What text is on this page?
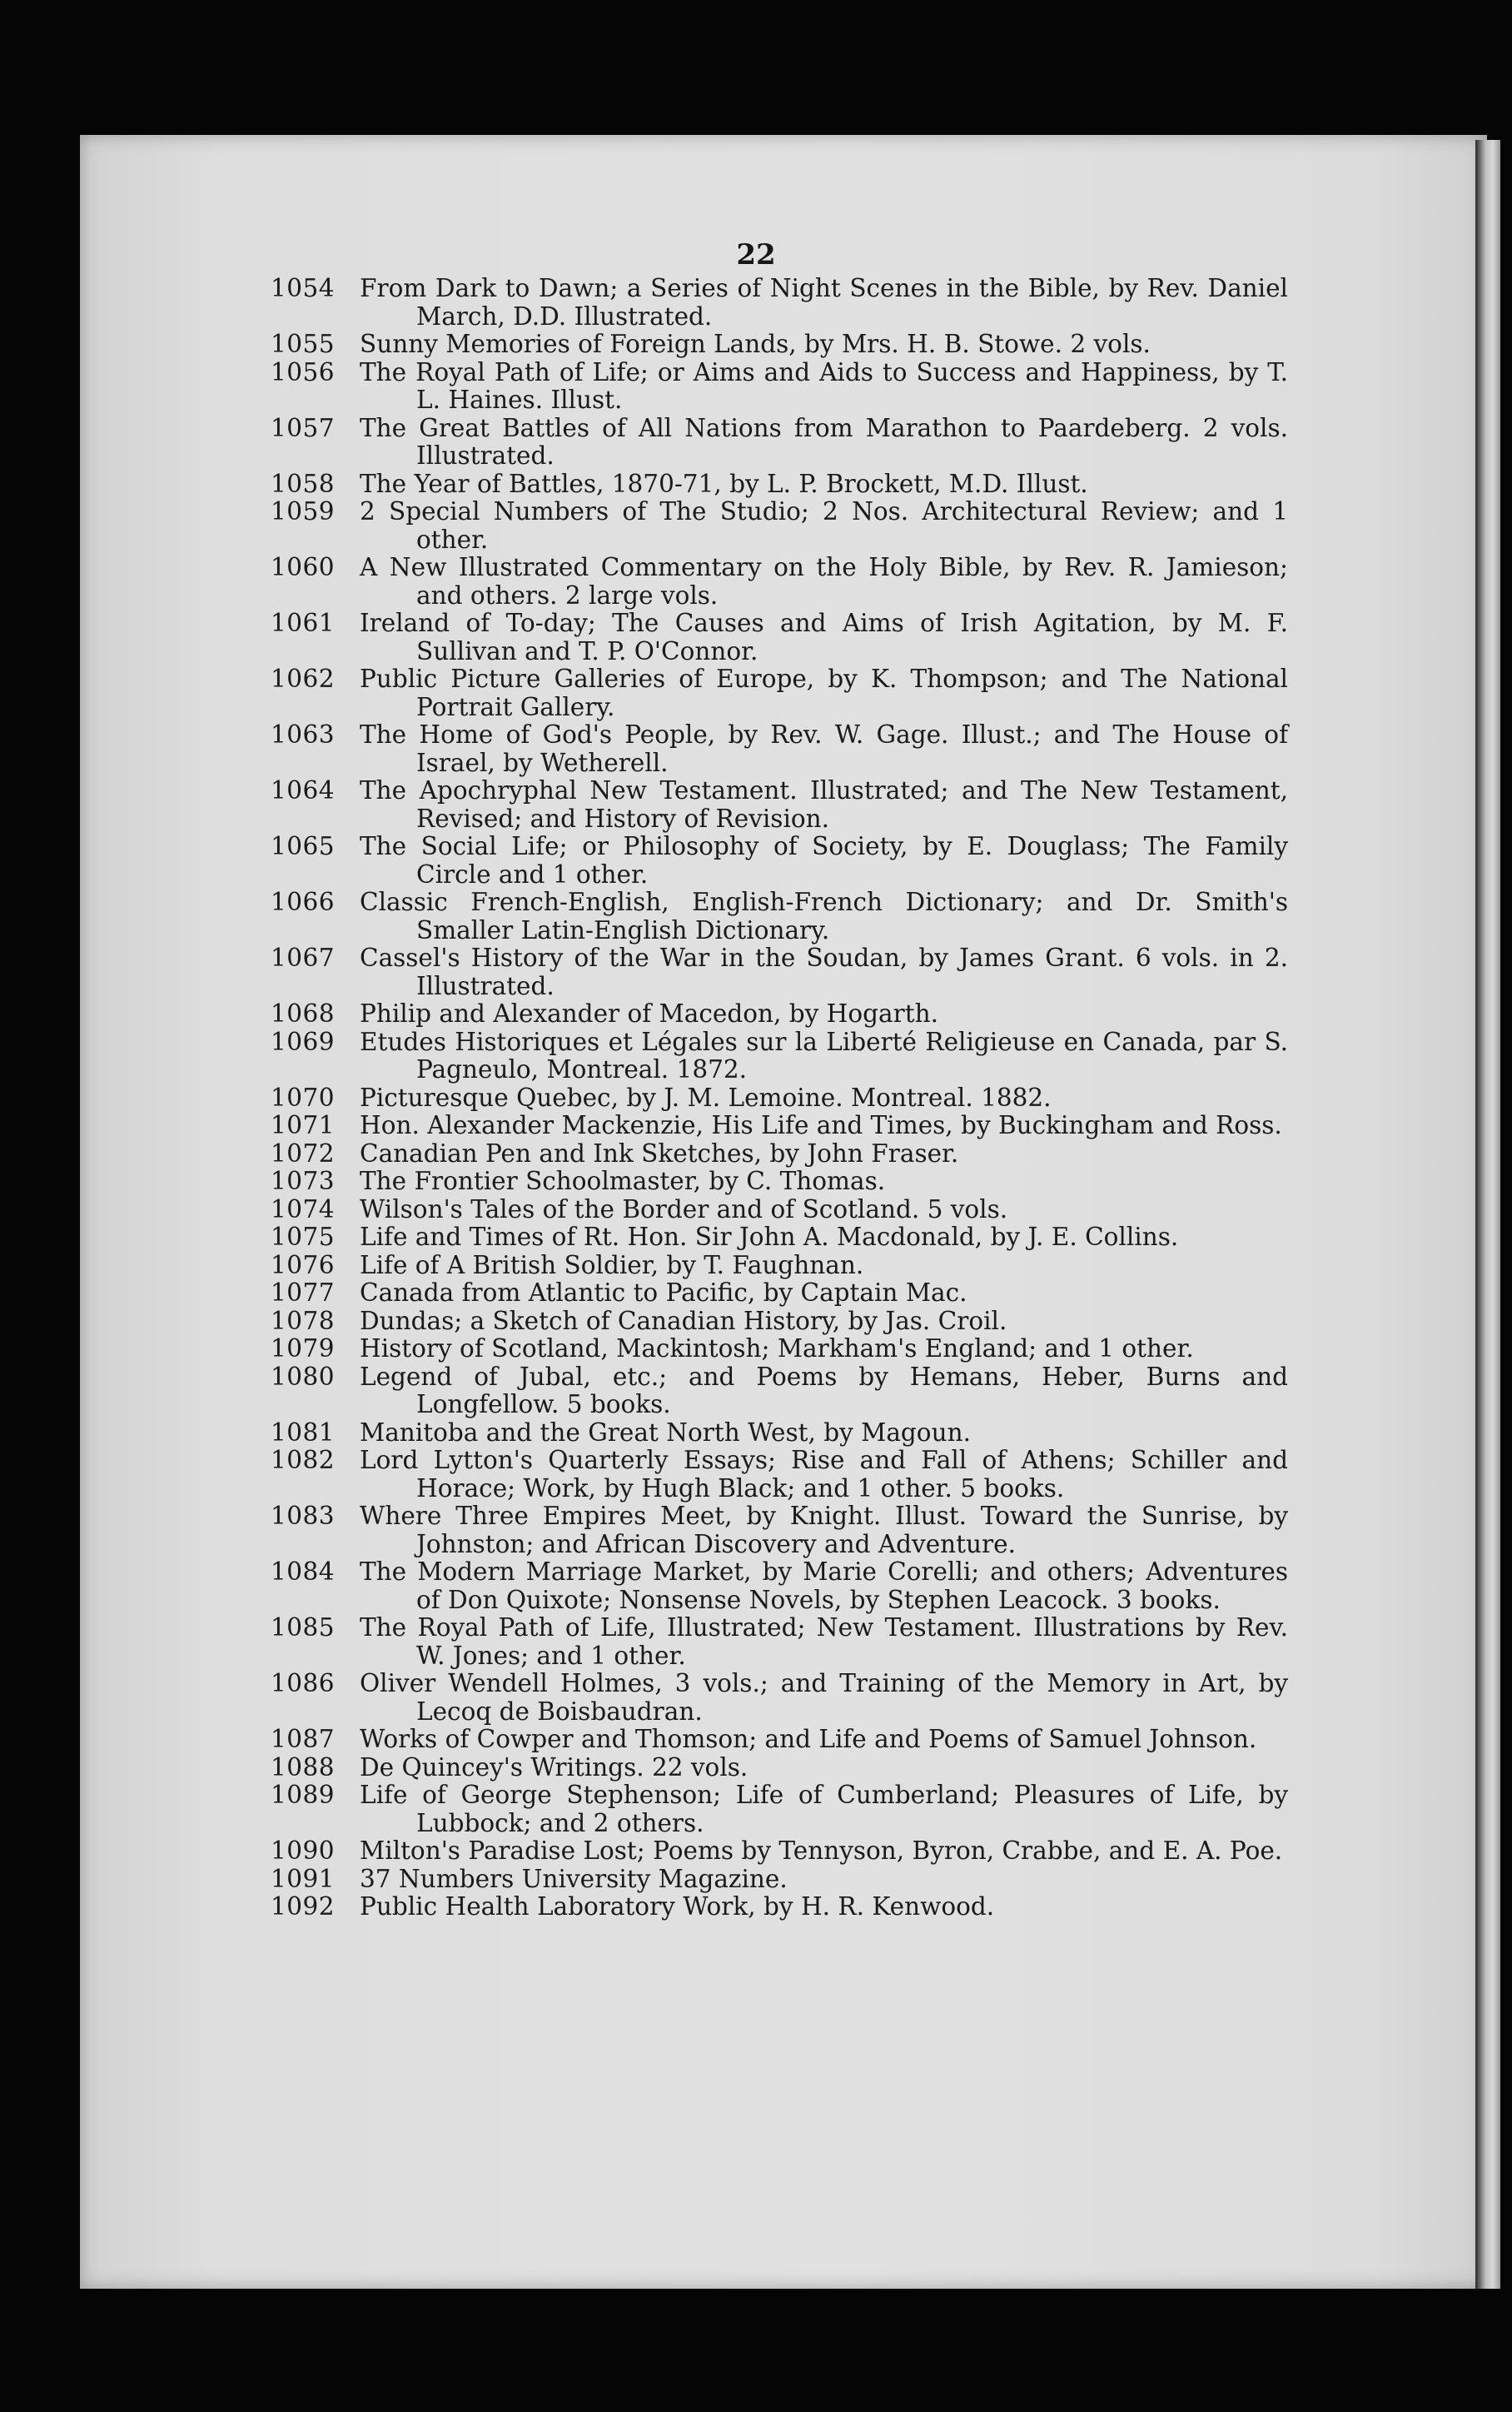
22
1054	From Dark to Dawn; a Series of Night Scenes in the Bible, by Rev. Daniel March, D.D. Illustrated.
1055	Sunny Memories of Foreign Lands, by Mrs. H. B. Stowe. 2 vols.
1056	The Royal Path of Life; or Aims and Aids to Success and Happiness, by T. L. Haines. Illust.
1057	The Great Battles of All Nations from Marathon to Paardeberg. 2 vols. Illustrated.
1058	The Year of Battles, 1870-71, by L. P. Brockett, M.D. Illust.
1059	2 Special Numbers of The Studio; 2 Nos. Architectural Review; and 1 other.
1060	A New Illustrated Commentary on the Holy Bible, by Rev. R. Jamieson; and others. 2 large vols.
1061	Ireland of To-day; The Causes and Aims of Irish Agitation, by M. F. Sullivan and T. P. O'Connor.
1062	Public Picture Galleries of Europe, by K. Thompson; and The National Portrait Gallery.
1063	The Home of God's People, by Rev. W. Gage. Illust.; and The House of Israel, by Wetherell.
1064	The Apochryphal New Testament. Illustrated; and The New Testament, Revised; and History of Revision.
1065	The Social Life; or Philosophy of Society, by E. Douglass; The Family Circle and 1 other.
1066	Classic French-English, English-French Dictionary; and Dr. Smith's Smaller Latin-English Dictionary.
1067	Cassel's History of the War in the Soudan, by James Grant. 6 vols. in 2. Illustrated.
1068	Philip and Alexander of Macedon, by Hogarth.
1069	Etudes Historiques et Légales sur la Liberté Religieuse en Canada, par S. Pagneulo, Montreal. 1872.
1070	Picturesque Quebec, by J. M. Lemoine. Montreal. 1882.
1071	Hon. Alexander Mackenzie, His Life and Times, by Buckingham and Ross.
1072	Canadian Pen and Ink Sketches, by John Fraser.
1073	The Frontier Schoolmaster, by C. Thomas.
1074	Wilson's Tales of the Border and of Scotland. 5 vols.
1075	Life and Times of Rt. Hon. Sir John A. Macdonald, by J. E. Collins.
1076	Life of A British Soldier, by T. Faughnan.
1077	Canada from Atlantic to Pacific, by Captain Mac.
1078	Dundas; a Sketch of Canadian History, by Jas. Croil.
1079	History of Scotland, Mackintosh; Markham's England; and 1 other.
1080	Legend of Jubal, etc.; and Poems by Hemans, Heber, Burns and Longfellow. 5 books.
1081	Manitoba and the Great North West, by Magoun.
1082	Lord Lytton's Quarterly Essays; Rise and Fall of Athens; Schiller and Horace; Work, by Hugh Black; and 1 other. 5 books.
1083	Where Three Empires Meet, by Knight. Illust. Toward the Sunrise, by Johnston; and African Discovery and Adventure.
1084	The Modern Marriage Market, by Marie Corelli; and others; Adventures of Don Quixote; Nonsense Novels, by Stephen Leacock. 3 books.
1085	The Royal Path of Life, Illustrated; New Testament. Illustrations by Rev. W. Jones; and 1 other.
1086	Oliver Wendell Holmes, 3 vols.; and Training of the Memory in Art, by Lecoq de Boisbaudran.
1087	Works of Cowper and Thomson; and Life and Poems of Samuel Johnson.
1088	De Quincey's Writings. 22 vols.
1089	Life of George Stephenson; Life of Cumberland; Pleasures of Life, by Lubbock; and 2 others.
1090	Milton's Paradise Lost; Poems by Tennyson, Byron, Crabbe, and E. A. Poe.
1091	37 Numbers University Magazine.
1092	Public Health Laboratory Work, by H. R. Kenwood.
